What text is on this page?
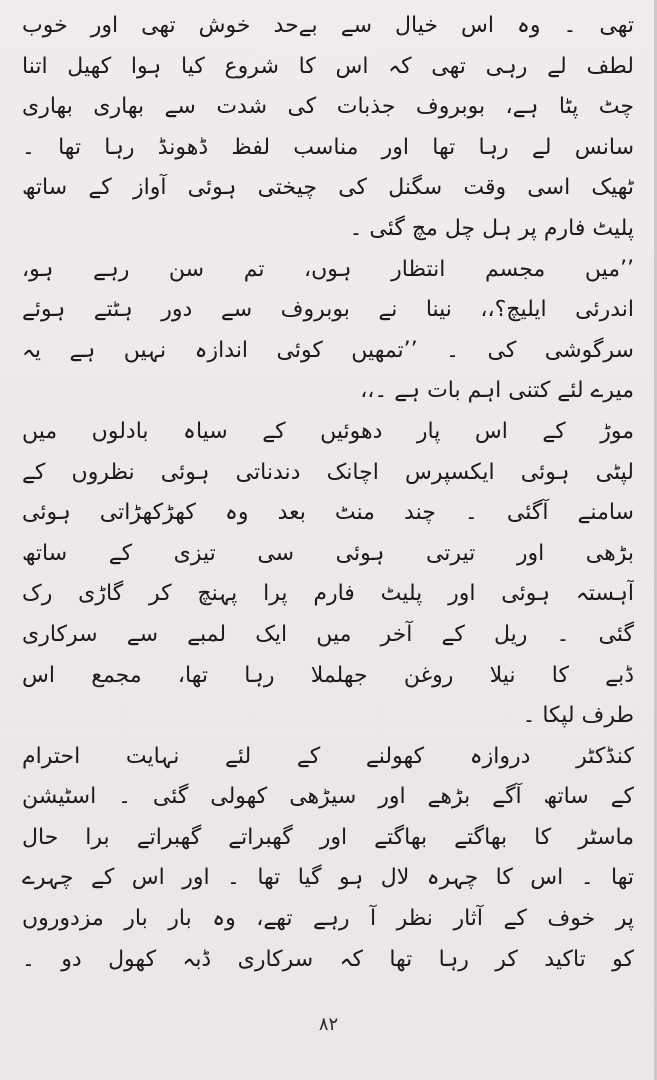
تھی ۔ وہ اس خیال سے بےحد خوش تھی اور خوب
لطف لے رہی تھی کہ اس کا شروع کیا ہوا کھیل اتنا
چٹ پٹا ہے، بوبروف جذبات کی شدت سے بھاری بھاری
سانس لے رہا تھا اور مناسب لفظ ڈھونڈ رہا تھا ۔
ٹھیک اسی وقت سگنل کی چیختی ہوئی آواز کے ساتھ
پلیٹ فارم پر ہل چل مچ گئی ۔
’’میں مجسم انتظار ہوں، تم سن رہے ہو،
اندرئی ایلیچ؟،، نینا نے بوبروف سے دور ہٹتے ہوئے
سرگوشی کی ۔ ’’تمھیں کوئی اندازہ نہیں ہے یہ
میرے لئے کتنی اہم بات ہے ۔،،
موڑ کے اس پار دھوئیں کے سیاہ بادلوں میں
لپٹی ہوئی ایکسپرس اچانک دندناتی ہوئی نظروں کے
سامنے آگئی ۔ چند منٹ بعد وہ کھڑکھڑاتی ہوئی
بڑھی اور تیرتی ہوئی سی تیزی کے ساتھ
آہستہ ہوئی اور پلیٹ فارم پرا پہنچ کر گاڑی رک
گئی ۔ ریل کے آخر میں ایک لمبے سے سرکاری
ڈبے کا نیلا روغن جھلملا رہا تھا، مجمع اس
طرف لپکا ۔
کنڈکٹر دروازہ کھولنے کے لئے نہایت احترام
کے ساتھ آگے بڑھے اور سیڑھی کھولی گئی ۔ اسٹیشن
ماسٹر کا بھاگتے بھاگتے اور گھبراتے گھبراتے برا حال
تھا ۔ اس کا چہرہ لال ہو گیا تھا ۔ اور اس کے چہرے
پر خوف کے آثار نظر آ رہے تھے، وہ بار بار مزدوروں
کو تاکید کر رہا تھا کہ سرکاری ڈبہ کھول دو ۔
۸۲
